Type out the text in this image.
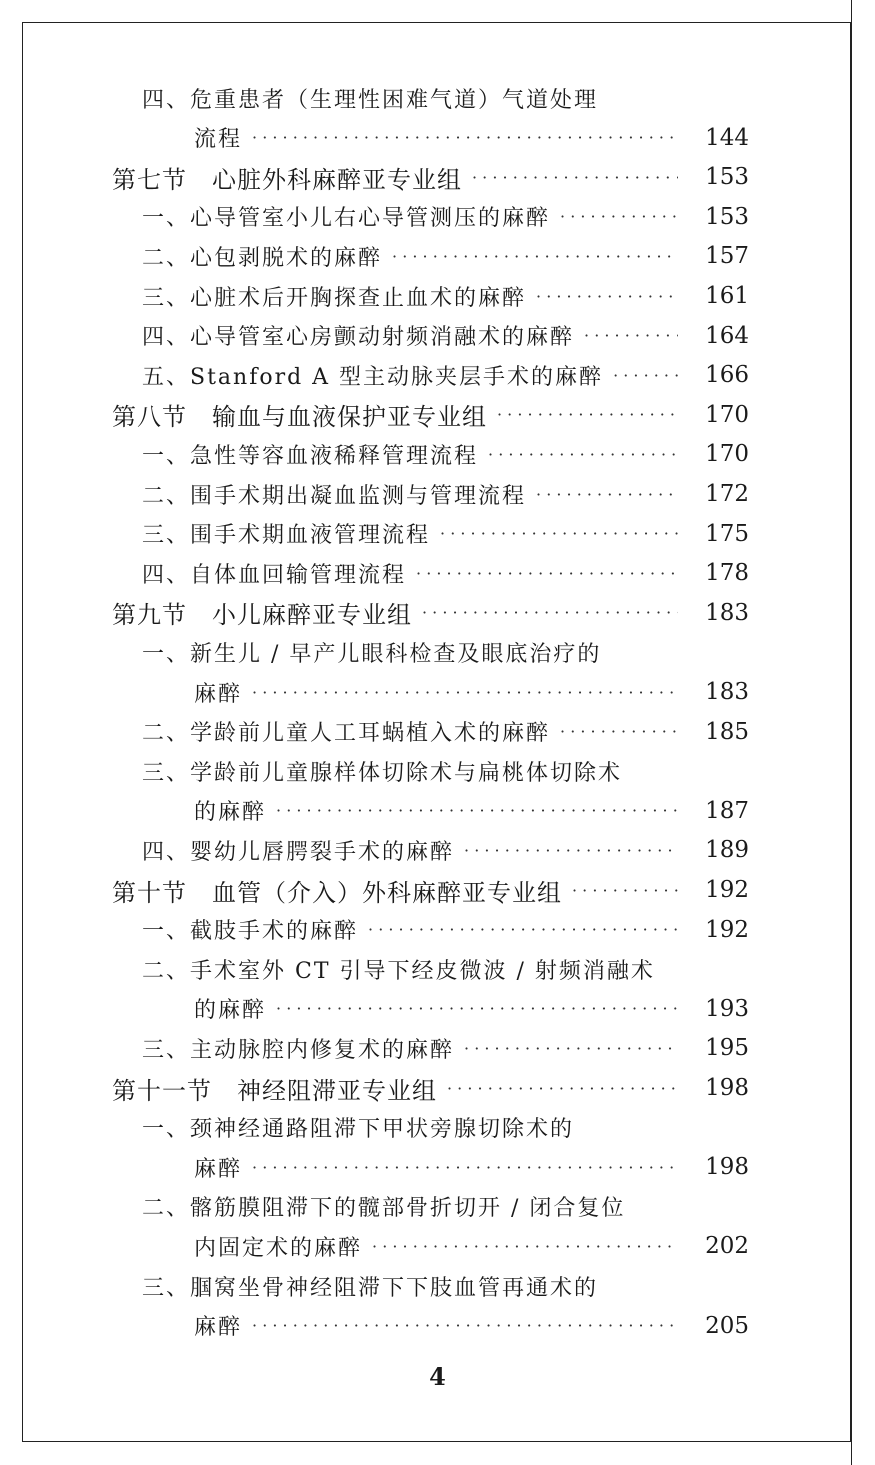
四、危重患者（生理性困难气道）气道处理
流程 · · ·	144
第七节　心脏外科麻醉亚专业组 · · ·	153
一、心导管室小儿右心导管测压的麻醉 · · ·	153
二、心包剥脱术的麻醉 · · ·	157
三、心脏术后开胸探查止血术的麻醉 · · ·	161
四、心导管室心房颤动射频消融术的麻醉 · · ·	164
五、Stanford A 型主动脉夹层手术的麻醉 · · ·	166
第八节　输血与血液保护亚专业组 · · ·	170
一、急性等容血液稀释管理流程 · · ·	170
二、围手术期出凝血监测与管理流程 · · ·	172
三、围手术期血液管理流程 · · ·	175
四、自体血回输管理流程 · · ·	178
第九节　小儿麻醉亚专业组 · · ·	183
一、新生儿 / 早产儿眼科检查及眼底治疗的
麻醉 · · ·	183
二、学龄前儿童人工耳蜗植入术的麻醉 · · ·	185
三、学龄前儿童腺样体切除术与扁桃体切除术
的麻醉 · · ·	187
四、婴幼儿唇腭裂手术的麻醉 · · ·	189
第十节　血管（介入）外科麻醉亚专业组 · · ·	192
一、截肢手术的麻醉 · · ·	192
二、手术室外 CT 引导下经皮微波 / 射频消融术
的麻醉 · · ·	193
三、主动脉腔内修复术的麻醉 · · ·	195
第十一节　神经阻滞亚专业组 · · ·	198
一、颈神经通路阻滞下甲状旁腺切除术的
麻醉 · · ·	198
二、髂筋膜阻滞下的髋部骨折切开 / 闭合复位
内固定术的麻醉 · · ·	202
三、腘窝坐骨神经阻滞下下肢血管再通术的
麻醉 · · ·	205
4
